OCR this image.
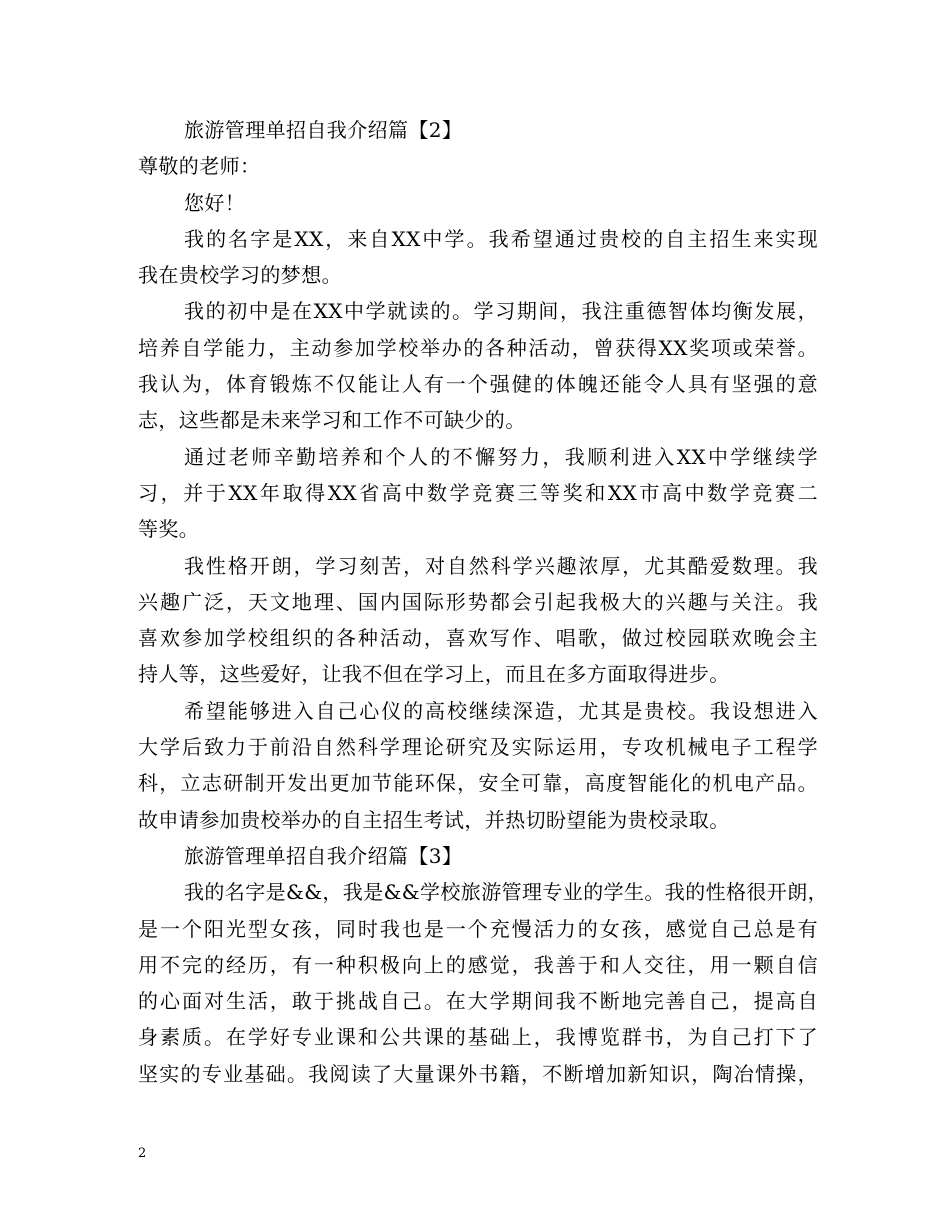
旅游管理单招自我介绍篇【2】
尊敬的老师：
您好！
我的名字是XX，来自XX中学。我希望通过贵校的自主招生来实现
我在贵校学习的梦想。
我的初中是在XX中学就读的。学习期间，我注重德智体均衡发展，
培养自学能力，主动参加学校举办的各种活动，曾获得XX奖项或荣誉。
我认为，体育锻炼不仅能让人有一个强健的体魄还能令人具有坚强的意
志，这些都是未来学习和工作不可缺少的。
通过老师辛勤培养和个人的不懈努力，我顺利进入XX中学继续学
习，并于XX年取得XX省高中数学竞赛三等奖和XX市高中数学竞赛二
等奖。
我性格开朗，学习刻苦，对自然科学兴趣浓厚，尤其酷爱数理。我
兴趣广泛，天文地理、国内国际形势都会引起我极大的兴趣与关注。我
喜欢参加学校组织的各种活动，喜欢写作、唱歌，做过校园联欢晚会主
持人等，这些爱好，让我不但在学习上，而且在多方面取得进步。
希望能够进入自己心仪的高校继续深造，尤其是贵校。我设想进入
大学后致力于前沿自然科学理论研究及实际运用，专攻机械电子工程学
科，立志研制开发出更加节能环保，安全可靠，高度智能化的机电产品。
故申请参加贵校举办的自主招生考试，并热切盼望能为贵校录取。
旅游管理单招自我介绍篇【3】
我的名字是&&，我是&&学校旅游管理专业的学生。我的性格很开朗，
是一个阳光型女孩，同时我也是一个充慢活力的女孩，感觉自己总是有
用不完的经历，有一种积极向上的感觉，我善于和人交往，用一颗自信
的心面对生活，敢于挑战自己。在大学期间我不断地完善自己，提高自
身素质。在学好专业课和公共课的基础上，我博览群书，为自己打下了
坚实的专业基础。我阅读了大量课外书籍，不断增加新知识，陶冶情操，
2
